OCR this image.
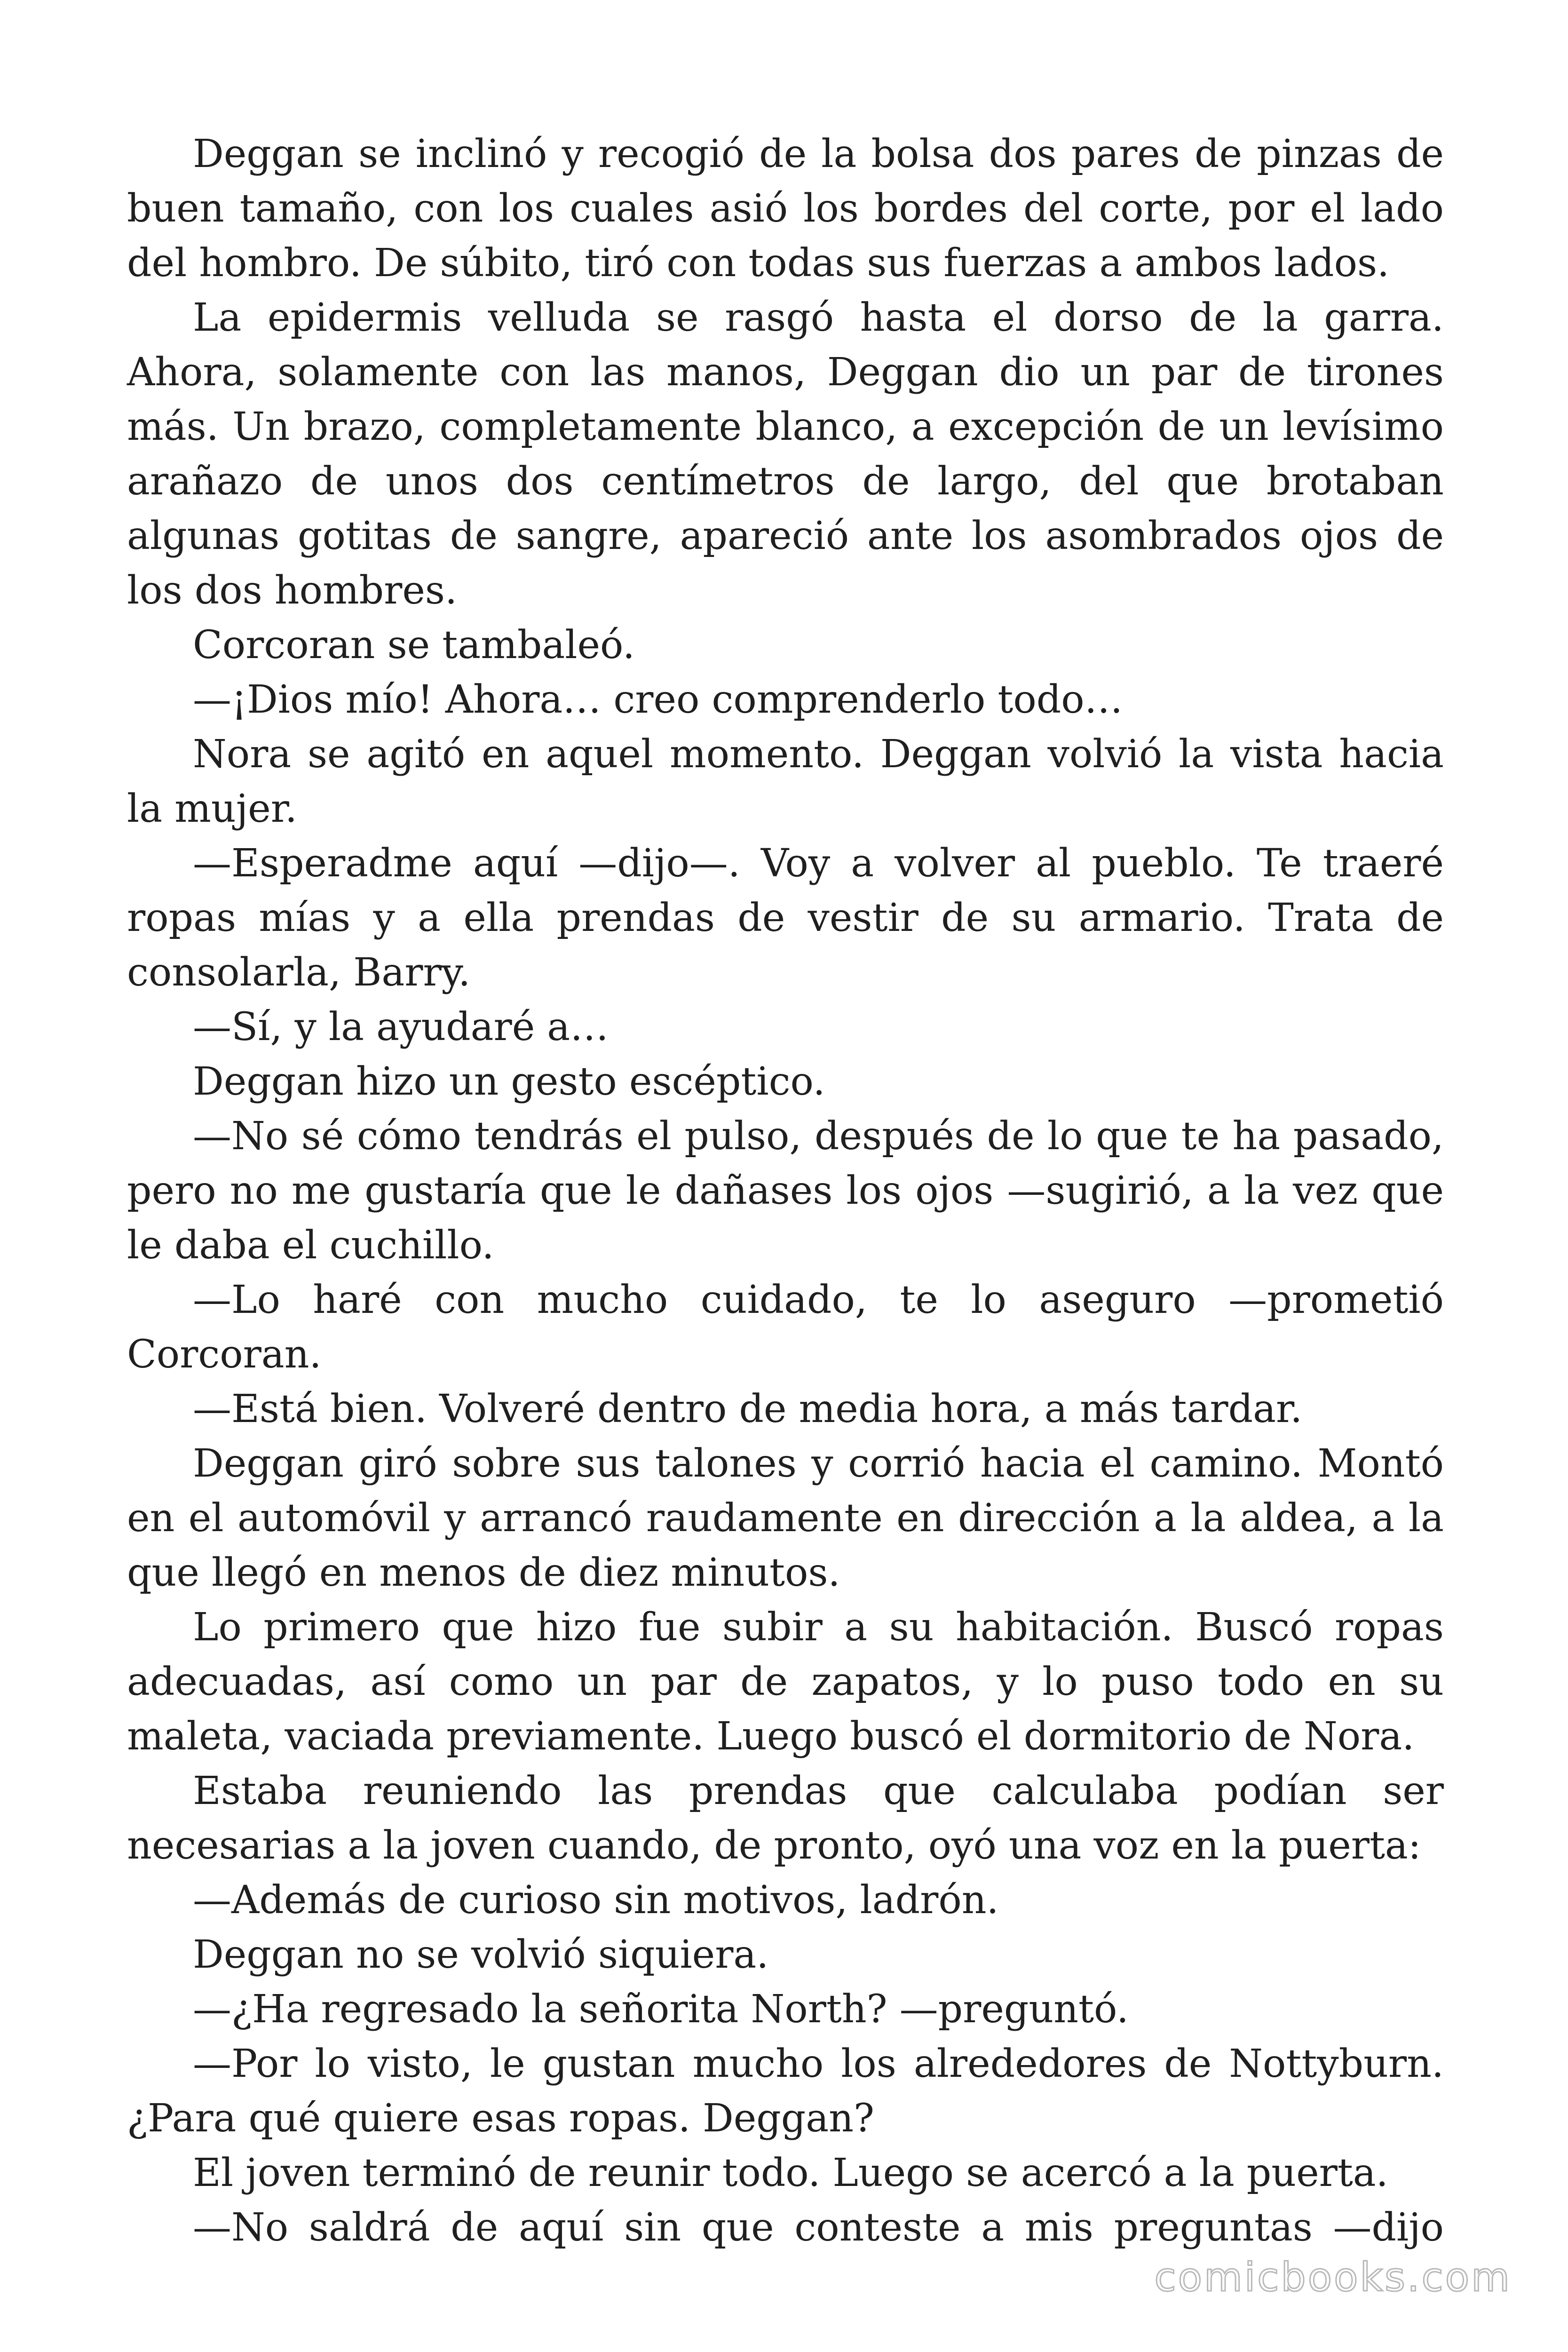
Deggan se inclinó y recogió de la bolsa dos pares de pinzas de buen tamaño, con los cuales asió los bordes del corte, por el lado del hombro. De súbito, tiró con todas sus fuerzas a ambos lados.

La epidermis velluda se rasgó hasta el dorso de la garra. Ahora, solamente con las manos, Deggan dio un par de tirones más. Un brazo, completamente blanco, a excepción de un levísimo arañazo de unos dos centímetros de largo, del que brotaban algunas gotitas de sangre, apareció ante los asombrados ojos de los dos hombres.

Corcoran se tambaleó.

—¡Dios mío! Ahora… creo comprenderlo todo…

Nora se agitó en aquel momento. Deggan volvió la vista hacia la mujer.

—Esperadme aquí —dijo—. Voy a volver al pueblo. Te traeré ropas mías y a ella prendas de vestir de su armario. Trata de consolarla, Barry.

—Sí, y la ayudaré a…

Deggan hizo un gesto escéptico.

—No sé cómo tendrás el pulso, después de lo que te ha pasado, pero no me gustaría que le dañases los ojos —sugirió, a la vez que le daba el cuchillo.

—Lo haré con mucho cuidado, te lo aseguro —prometió Corcoran.

—Está bien. Volveré dentro de media hora, a más tardar.

Deggan giró sobre sus talones y corrió hacia el camino. Montó en el automóvil y arrancó raudamente en dirección a la aldea, a la que llegó en menos de diez minutos.

Lo primero que hizo fue subir a su habitación. Buscó ropas adecuadas, así como un par de zapatos, y lo puso todo en su maleta, vaciada previamente. Luego buscó el dormitorio de Nora.

Estaba reuniendo las prendas que calculaba podían ser necesarias a la joven cuando, de pronto, oyó una voz en la puerta:

—Además de curioso sin motivos, ladrón.

Deggan no se volvió siquiera.

—¿Ha regresado la señorita North? —preguntó.

—Por lo visto, le gustan mucho los alrededores de Nottyburn. ¿Para qué quiere esas ropas. Deggan?

El joven terminó de reunir todo. Luego se acercó a la puerta.

—No saldrá de aquí sin que conteste a mis preguntas —dijo

comicbooks.com
